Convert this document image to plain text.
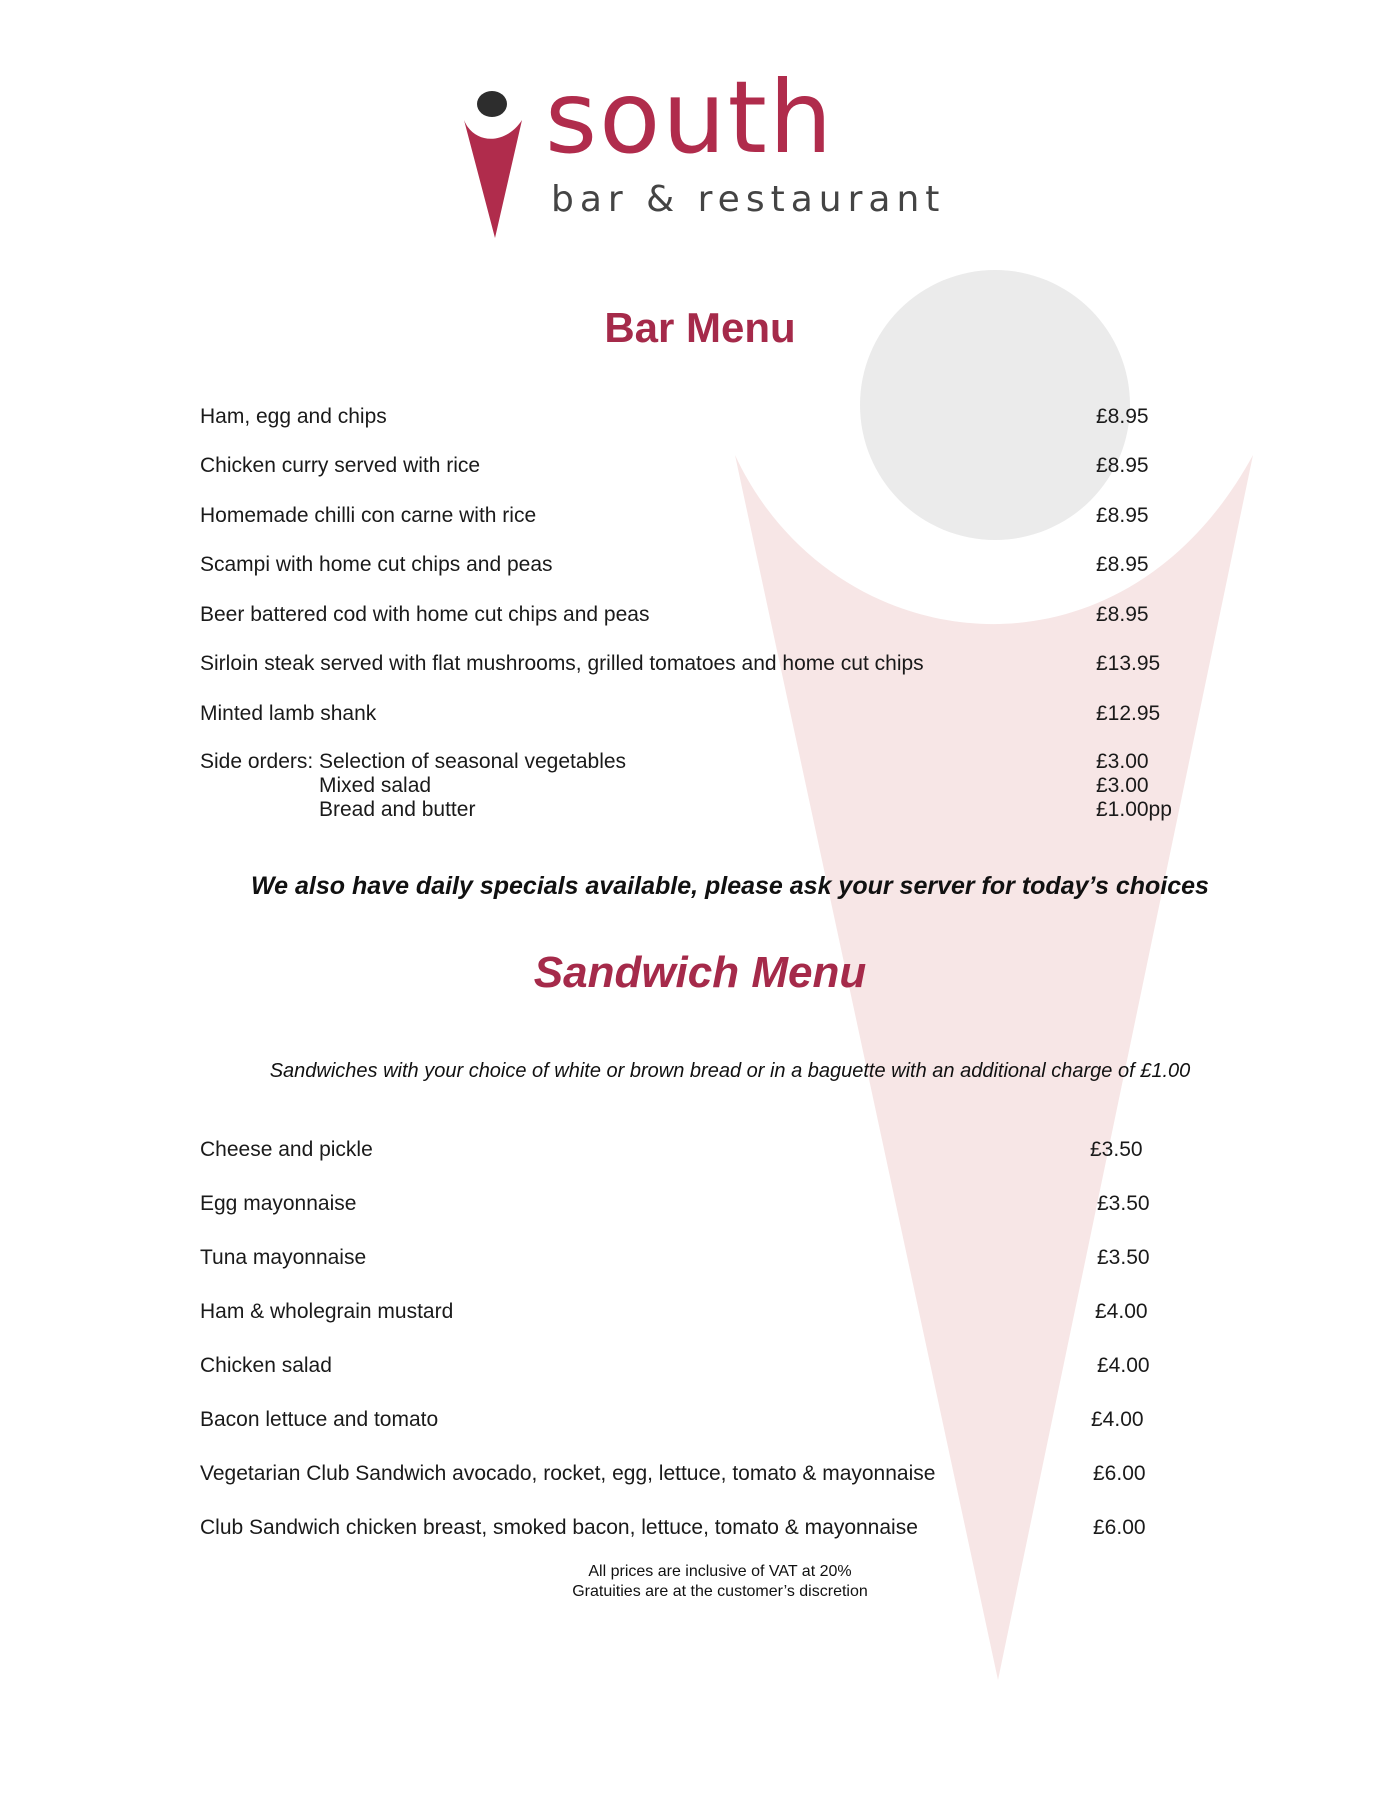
south
bar & restaurant
Bar Menu
Ham, egg and chips	£8.95
Chicken curry served with rice	£8.95
Homemade chilli con carne with rice	£8.95
Scampi with home cut chips and peas	£8.95
Beer battered cod with home cut chips and peas	£8.95
Sirloin steak served with flat mushrooms, grilled tomatoes and home cut chips	£13.95
Minted lamb shank	£12.95
Side orders: Selection of seasonal vegetables	£3.00
Mixed salad	£3.00
Bread and butter	£1.00pp
We also have daily specials available, please ask your server for today’s choices
Sandwich Menu
Sandwiches with your choice of white or brown bread or in a baguette with an additional charge of £1.00
Cheese and pickle	£3.50
Egg mayonnaise	£3.50
Tuna mayonnaise	£3.50
Ham & wholegrain mustard	£4.00
Chicken salad	£4.00
Bacon lettuce and tomato	£4.00
Vegetarian Club Sandwich avocado, rocket, egg, lettuce, tomato & mayonnaise	£6.00
Club Sandwich chicken breast, smoked bacon, lettuce, tomato & mayonnaise	£6.00
All prices are inclusive of VAT at 20%
Gratuities are at the customer’s discretion
